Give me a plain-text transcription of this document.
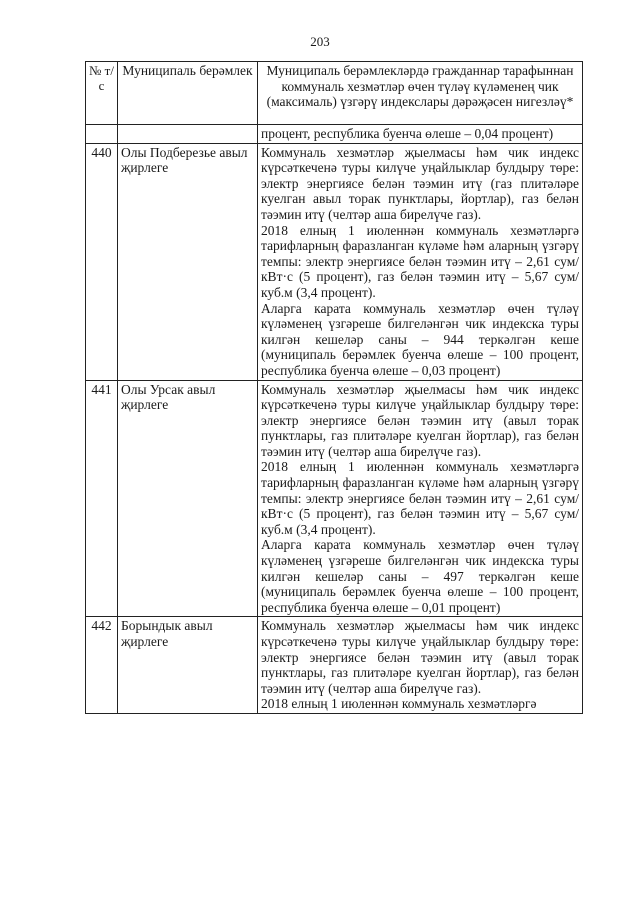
203
№ т/с	Муниципаль берәмлек	Муниципаль берәмлекләрдә гражданнар тарафыннан коммуналь хезмәтләр өчен түләү күләменең чик (максималь) үзгәрү индекслары дәрәҗәсен нигезләү*

		процент, республика буенча өлеше – 0,04 процент)

440	Олы Подберезье авыл җирлеге	Коммуналь хезмәтләр җыелмасы һәм чик индекс күрсәткеченә туры килүче уңайлыклар булдыру төре: электр энергиясе белән тәэмин итү (газ плитәләре куелган авыл торак пунктлары, йортлар), газ белән тәэмин итү (челтәр аша бирелүче газ).
2018 елның 1 июленнән коммуналь хезмәтләргә тарифларның фаразланган күләме һәм аларның үзгәрү темпы: электр энергиясе белән тәэмин итү – 2,61 сум/кВт·с (5 процент), газ белән тәэмин итү – 5,67 сум/куб.м (3,4 процент).
Аларга карата коммуналь хезмәтләр өчен түләү күләменең үзгәреше билгеләнгән чик индекска туры килгән кешеләр саны – 944 теркәлгән кеше (муниципаль берәмлек буенча өлеше – 100 процент, республика буенча өлеше – 0,03 процент)

441	Олы Урсак авыл җирлеге	Коммуналь хезмәтләр җыелмасы һәм чик индекс күрсәткеченә туры килүче уңайлыклар булдыру төре: электр энергиясе белән тәэмин итү (авыл торак пунктлары, газ плитәләре куелган йортлар), газ белән тәэмин итү (челтәр аша бирелүче газ).
2018 елның 1 июленнән коммуналь хезмәтләргә тарифларның фаразланган күләме һәм аларның үзгәрү темпы: электр энергиясе белән тәэмин итү – 2,61 сум/кВт·с (5 процент), газ белән тәэмин итү – 5,67 сум/куб.м (3,4 процент).
Аларга карата коммуналь хезмәтләр өчен түләү күләменең үзгәреше билгеләнгән чик индекска туры килгән кешеләр саны – 497 теркәлгән кеше (муниципаль берәмлек буенча өлеше – 100 процент, республика буенча өлеше – 0,01 процент)

442	Борындык авыл җирлеге	Коммуналь хезмәтләр җыелмасы һәм чик индекс күрсәткеченә туры килүче уңайлыклар булдыру төре: электр энергиясе белән тәэмин итү (авыл торак пунктлары, газ плитәләре куелган йортлар), газ белән тәэмин итү (челтәр аша бирелүче газ).
2018 елның 1 июленнән коммуналь хезмәтләргә
